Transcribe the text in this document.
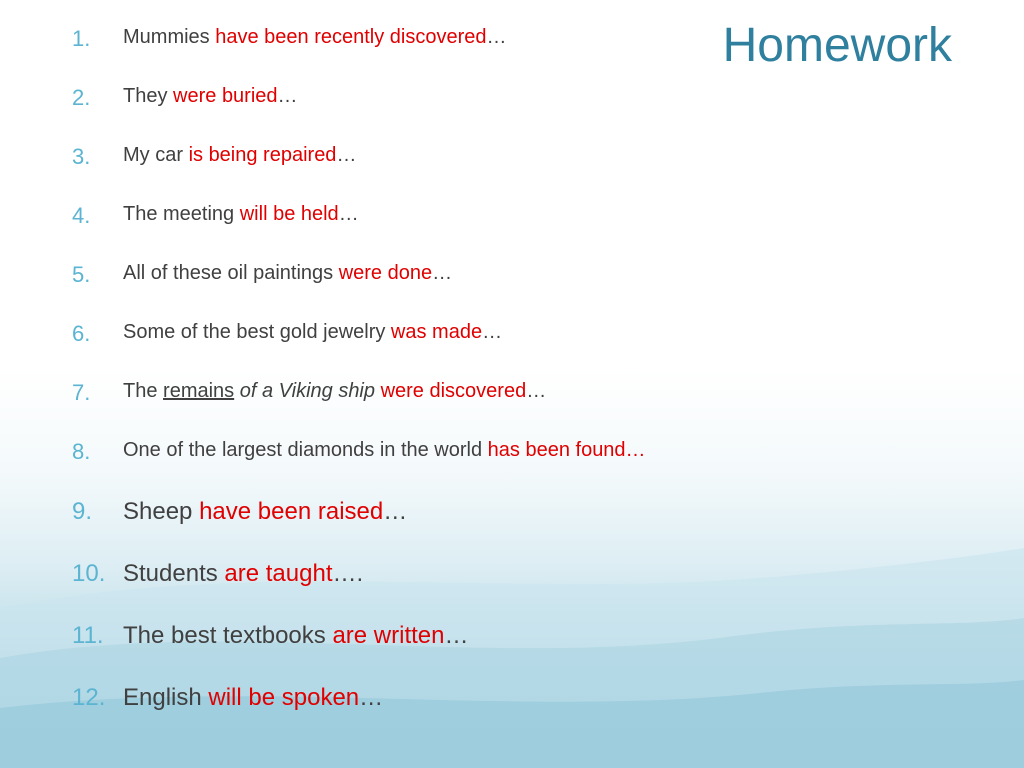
Homework
1. Mummies have been recently discovered…
2. They were buried…
3. My car is being repaired…
4. The meeting will be held…
5. All of these oil paintings were done…
6. Some of the best gold jewelry was made…
7. The remains of a Viking ship were discovered…
8. One of the largest diamonds in the world has been found…
9. Sheep have been raised…
10. Students are taught….
11. The best textbooks are written…
12. English will be spoken…
